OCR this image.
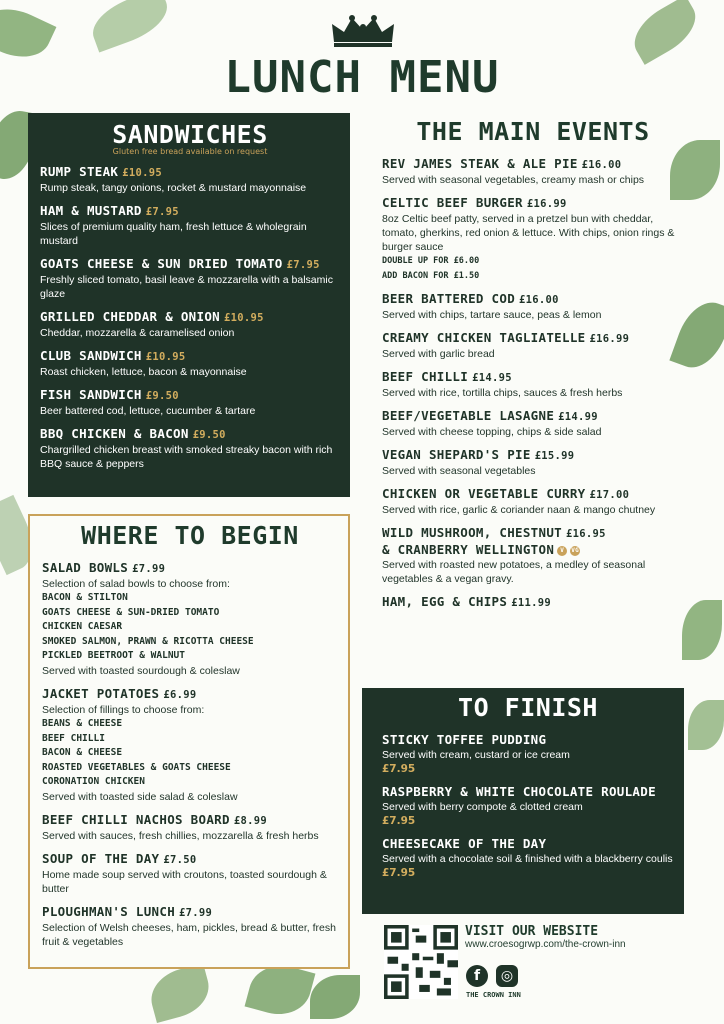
LUNCH MENU
SANDWICHES
Gluten free bread available on request
RUMP STEAK £10.95
Rump steak, tangy onions, rocket & mustard mayonnaise
HAM & MUSTARD £7.95
Slices of premium quality ham, fresh lettuce & wholegrain mustard
GOATS CHEESE & SUN DRIED TOMATO £7.95
Freshly sliced tomato, basil leave & mozzarella with a balsamic glaze
GRILLED CHEDDAR & ONION £10.95
Cheddar, mozzarella & caramelised onion
CLUB SANDWICH £10.95
Roast chicken, lettuce, bacon & mayonnaise
FISH SANDWICH £9.50
Beer battered cod, lettuce, cucumber & tartare
BBQ CHICKEN & BACON £9.50
Chargrilled chicken breast with smoked streaky bacon with rich BBQ sauce & peppers
WHERE TO BEGIN
SALAD BOWLS £7.99
Selection of salad bowls to choose from:
BACON & STILTON
GOATS CHEESE & SUN-DRIED TOMATO
CHICKEN CAESAR
SMOKED SALMON, PRAWN & RICOTTA CHEESE
PICKLED BEETROOT & WALNUT
Served with toasted sourdough & coleslaw
JACKET POTATOES £6.99
Selection of fillings to choose from:
BEANS & CHEESE
BEEF CHILLI
BACON & CHEESE
ROASTED VEGETABLES & GOATS CHEESE
CORONATION CHICKEN
Served with toasted side salad & coleslaw
BEEF CHILLI NACHOS BOARD £8.99
Served with sauces, fresh chillies, mozzarella & fresh herbs
SOUP OF THE DAY £7.50
Home made soup served with croutons, toasted sourdough & butter
PLOUGHMAN'S LUNCH £7.99
Selection of Welsh cheeses, ham, pickles, bread & butter, fresh fruit & vegetables
THE MAIN EVENTS
REV JAMES STEAK & ALE PIE £16.00
Served with seasonal vegetables, creamy mash or chips
CELTIC BEEF BURGER £16.99
8oz Celtic beef patty, served in a pretzel bun with cheddar, tomato, gherkins, red onion & lettuce. With chips, onion rings & burger sauce
DOUBLE UP FOR £6.00
ADD BACON FOR £1.50
BEER BATTERED COD £16.00
Served with chips, tartare sauce, peas & lemon
CREAMY CHICKEN TAGLIATELLE £16.99
Served with garlic bread
BEEF CHILLI £14.95
Served with rice, tortilla chips, sauces & fresh herbs
BEEF/VEGETABLE LASAGNE £14.99
Served with cheese topping, chips & side salad
VEGAN SHEPARD'S PIE £15.99
Served with seasonal vegetables
CHICKEN OR VEGETABLE CURRY £17.00
Served with rice, garlic & coriander naan & mango chutney
WILD MUSHROOM, CHESTNUT £16.95
& CRANBERRY WELLINGTON V VG
Served with roasted new potatoes, a medley of seasonal vegetables & a vegan gravy.
HAM, EGG & CHIPS £11.99
TO FINISH
STICKY TOFFEE PUDDING
Served with cream, custard or ice cream
£7.95
RASPBERRY & WHITE CHOCOLATE ROULADE
Served with berry compote & clotted cream
£7.95
CHEESECAKE OF THE DAY
Served with a chocolate soil & finished with a blackberry coulis
£7.95
VISIT OUR WEBSITE
www.croesogrwp.com/the-crown-inn
f	◎
THE CROWN INN
